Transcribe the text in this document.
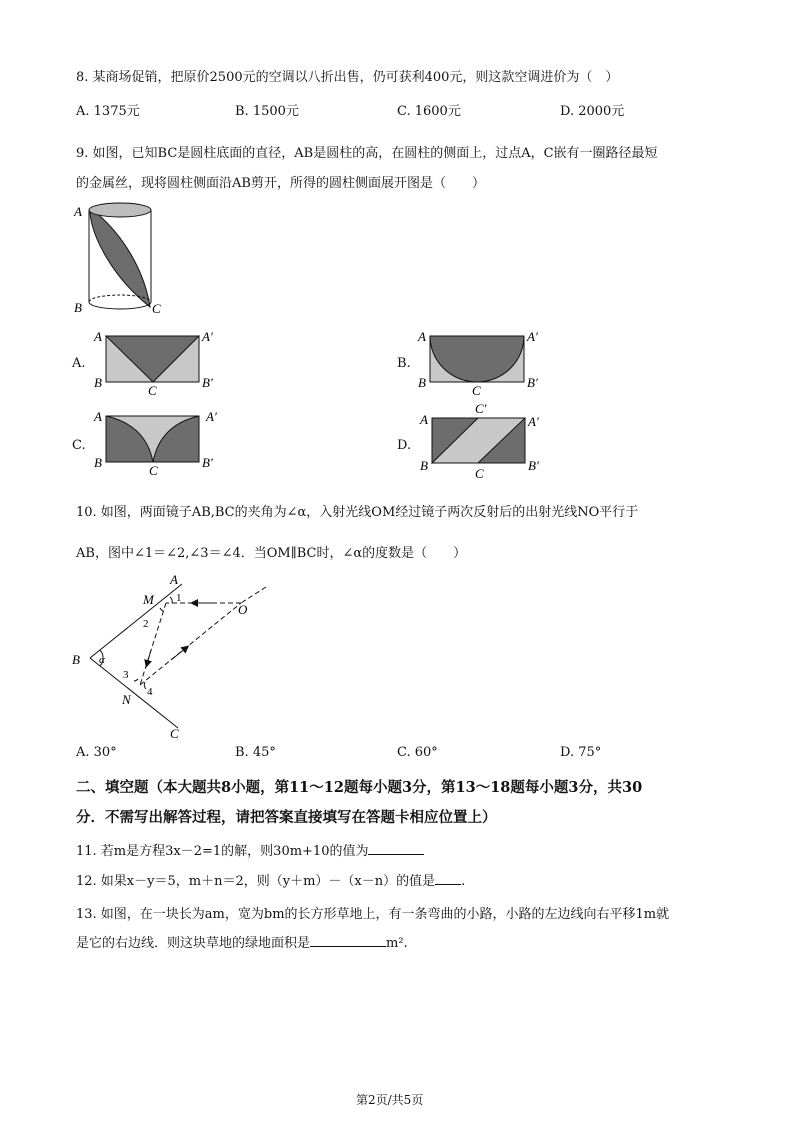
8. 某商场促销，把原价2500元的空调以八折出售，仍可获利400元，则这款空调进价为（　）
A. 1375元	B. 1500元	C. 1600元	D. 2000元
9. 如图，已知BC是圆柱底面的直径，AB是圆柱的高，在圆柱的侧面上，过点A，C嵌有一圈路径最短
的金属丝，现将圆柱侧面沿AB剪开，所得的圆柱侧面展开图是（　　）
A
B	C
A.
A	A′
B	B′
C
B.
A	A′
B	B′
C
C.
A	A′
B	B′
C
D.
A	A′
B	B′
C′
C
10. 如图，两面镜子AB,BC的夹角为∠α，入射光线OM经过镜子两次反射后的出射光线NO平行于
AB，图中∠1＝∠2,∠3＝∠4．当OM∥BC时，∠α的度数是（　　）
A
B
C
M
N
O
α
1
2
3
4
A. 30°	B. 45°	C. 60°	D. 75°
二、填空题（本大题共8小题，第11～12题每小题3分，第13～18题每小题3分，共30
分．不需写出解答过程，请把答案直接填写在答题卡相应位置上）
11. 若m是方程3x－2=1的解，则30m+10的值为
12. 如果x－y＝5，m＋n＝2，则（y＋m）－（x－n）的值是 .
13. 如图，在一块长为am，宽为bm的长方形草地上，有一条弯曲的小路，小路的左边线向右平移1m就
是它的右边线．则这块草地的绿地面积是	m².
第2页/共5页
